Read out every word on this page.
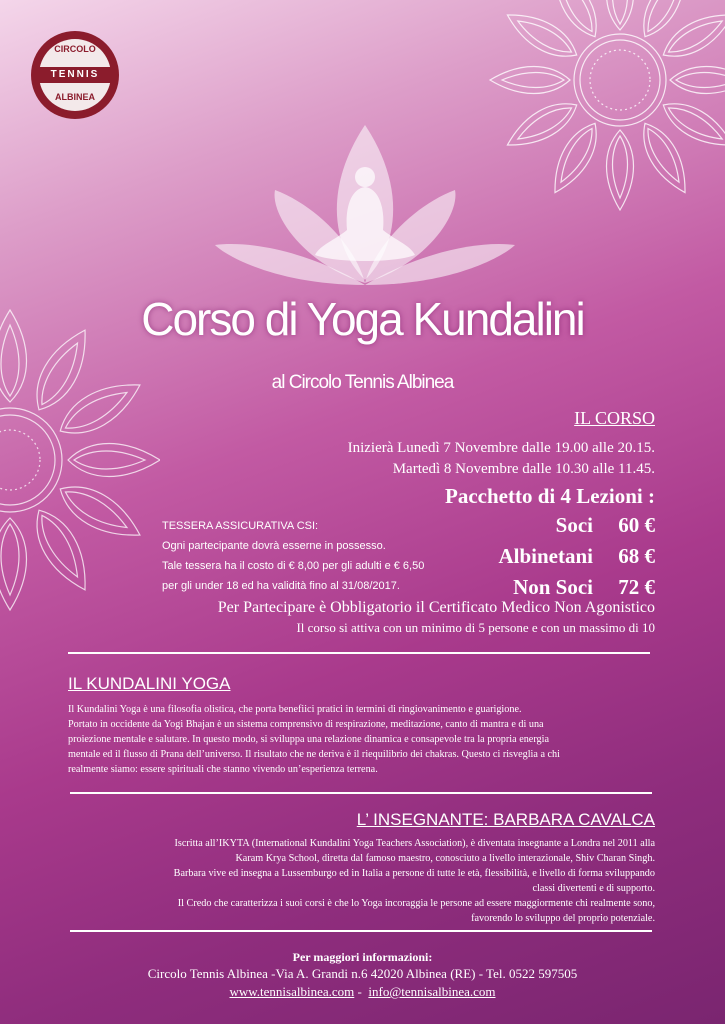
CIRCOLO
TENNIS
ALBINEA
Corso di Yoga Kundalini
al Circolo Tennis Albinea
IL CORSO
Inizierà Lunedì 7 Novembre dalle 19.00 alle 20.15.
Martedì 8 Novembre dalle 10.30 alle 11.45.
Pacchetto di 4 Lezioni :
Soci	60 €
Albinetani	68 €
Non Soci	72 €
TESSERA ASSICURATIVA CSI:
Ogni partecipante dovrà esserne in possesso.
Tale tessera ha il costo di € 8,00 per gli adulti e € 6,50
per gli under 18 ed ha validità fino al 31/08/2017.
Per Partecipare è Obbligatorio il Certificato Medico Non Agonistico
Il corso si attiva con un minimo di 5 persone e con un massimo di 10
IL KUNDALINI YOGA
Il Kundalini Yoga è una filosofia olistica, che porta benefiici pratici in termini di ringiovanimento e guarigione.
Portato in occidente da Yogi Bhajan è un sistema comprensivo di respirazione, meditazione, canto di mantra e di una
proiezione mentale e salutare. In questo modo, si sviluppa una relazione dinamica e consapevole tra la propria energia
mentale ed il flusso di Prana dell’universo. Il risultato che ne deriva è il riequilibrio dei chakras. Questo ci risveglia a chi
realmente siamo: essere spirituali che stanno vivendo un’esperienza terrena.
L’ INSEGNANTE: BARBARA CAVALCA
Iscritta all’IKYTA (International Kundalini Yoga Teachers Association), è diventata insegnante a Londra nel 2011 alla
Karam Krya School, diretta dal famoso maestro, conosciuto a livello interazionale, Shiv Charan Singh.
Barbara vive ed insegna a Lussemburgo ed in Italia a persone di tutte le età, flessibilità, e livello di forma sviluppando
classi divertenti e di supporto.
Il Credo che caratterizza i suoi corsi è che lo Yoga incoraggia le persone ad essere maggiormente chi realmente sono,
favorendo lo sviluppo del proprio potenziale.
Per maggiori informazioni:
Circolo Tennis Albinea -Via A. Grandi n.6 42020 Albinea (RE) - Tel. 0522 597505
www.tennisalbinea.com -  info@tennisalbinea.com
